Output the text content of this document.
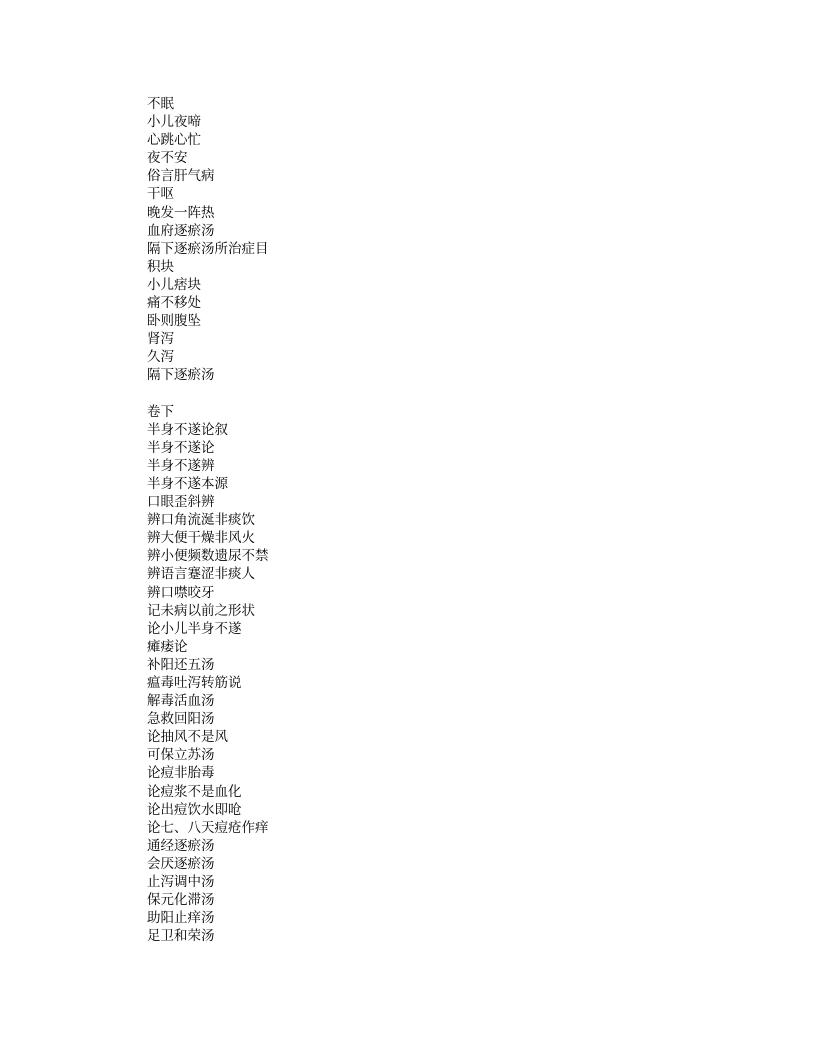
不眠
小儿夜啼
心跳心忙
夜不安
俗言肝气病
干呕
晚发一阵热
血府逐瘀汤
隔下逐瘀汤所治症目
积块
小儿痞块
痛不移处
卧则腹坠
肾泻
久泻
隔下逐瘀汤
卷下
半身不遂论叙
半身不遂论
半身不遂辨
半身不遂本源
口眼歪斜辨
辨口角流涎非痰饮
辨大便干燥非风火
辨小便频数遗尿不禁
辨语言蹇涩非痰人
辨口噤咬牙
记未病以前之形状
论小儿半身不遂
瘫痿论
补阳还五汤
瘟毒吐泻转筋说
解毒活血汤
急救回阳汤
论抽风不是风
可保立苏汤
论痘非胎毒
论痘浆不是血化
论出痘饮水即呛
论七、八天痘疮作痒
通经逐瘀汤
会厌逐瘀汤
止泻调中汤
保元化滞汤
助阳止痒汤
足卫和荣汤
